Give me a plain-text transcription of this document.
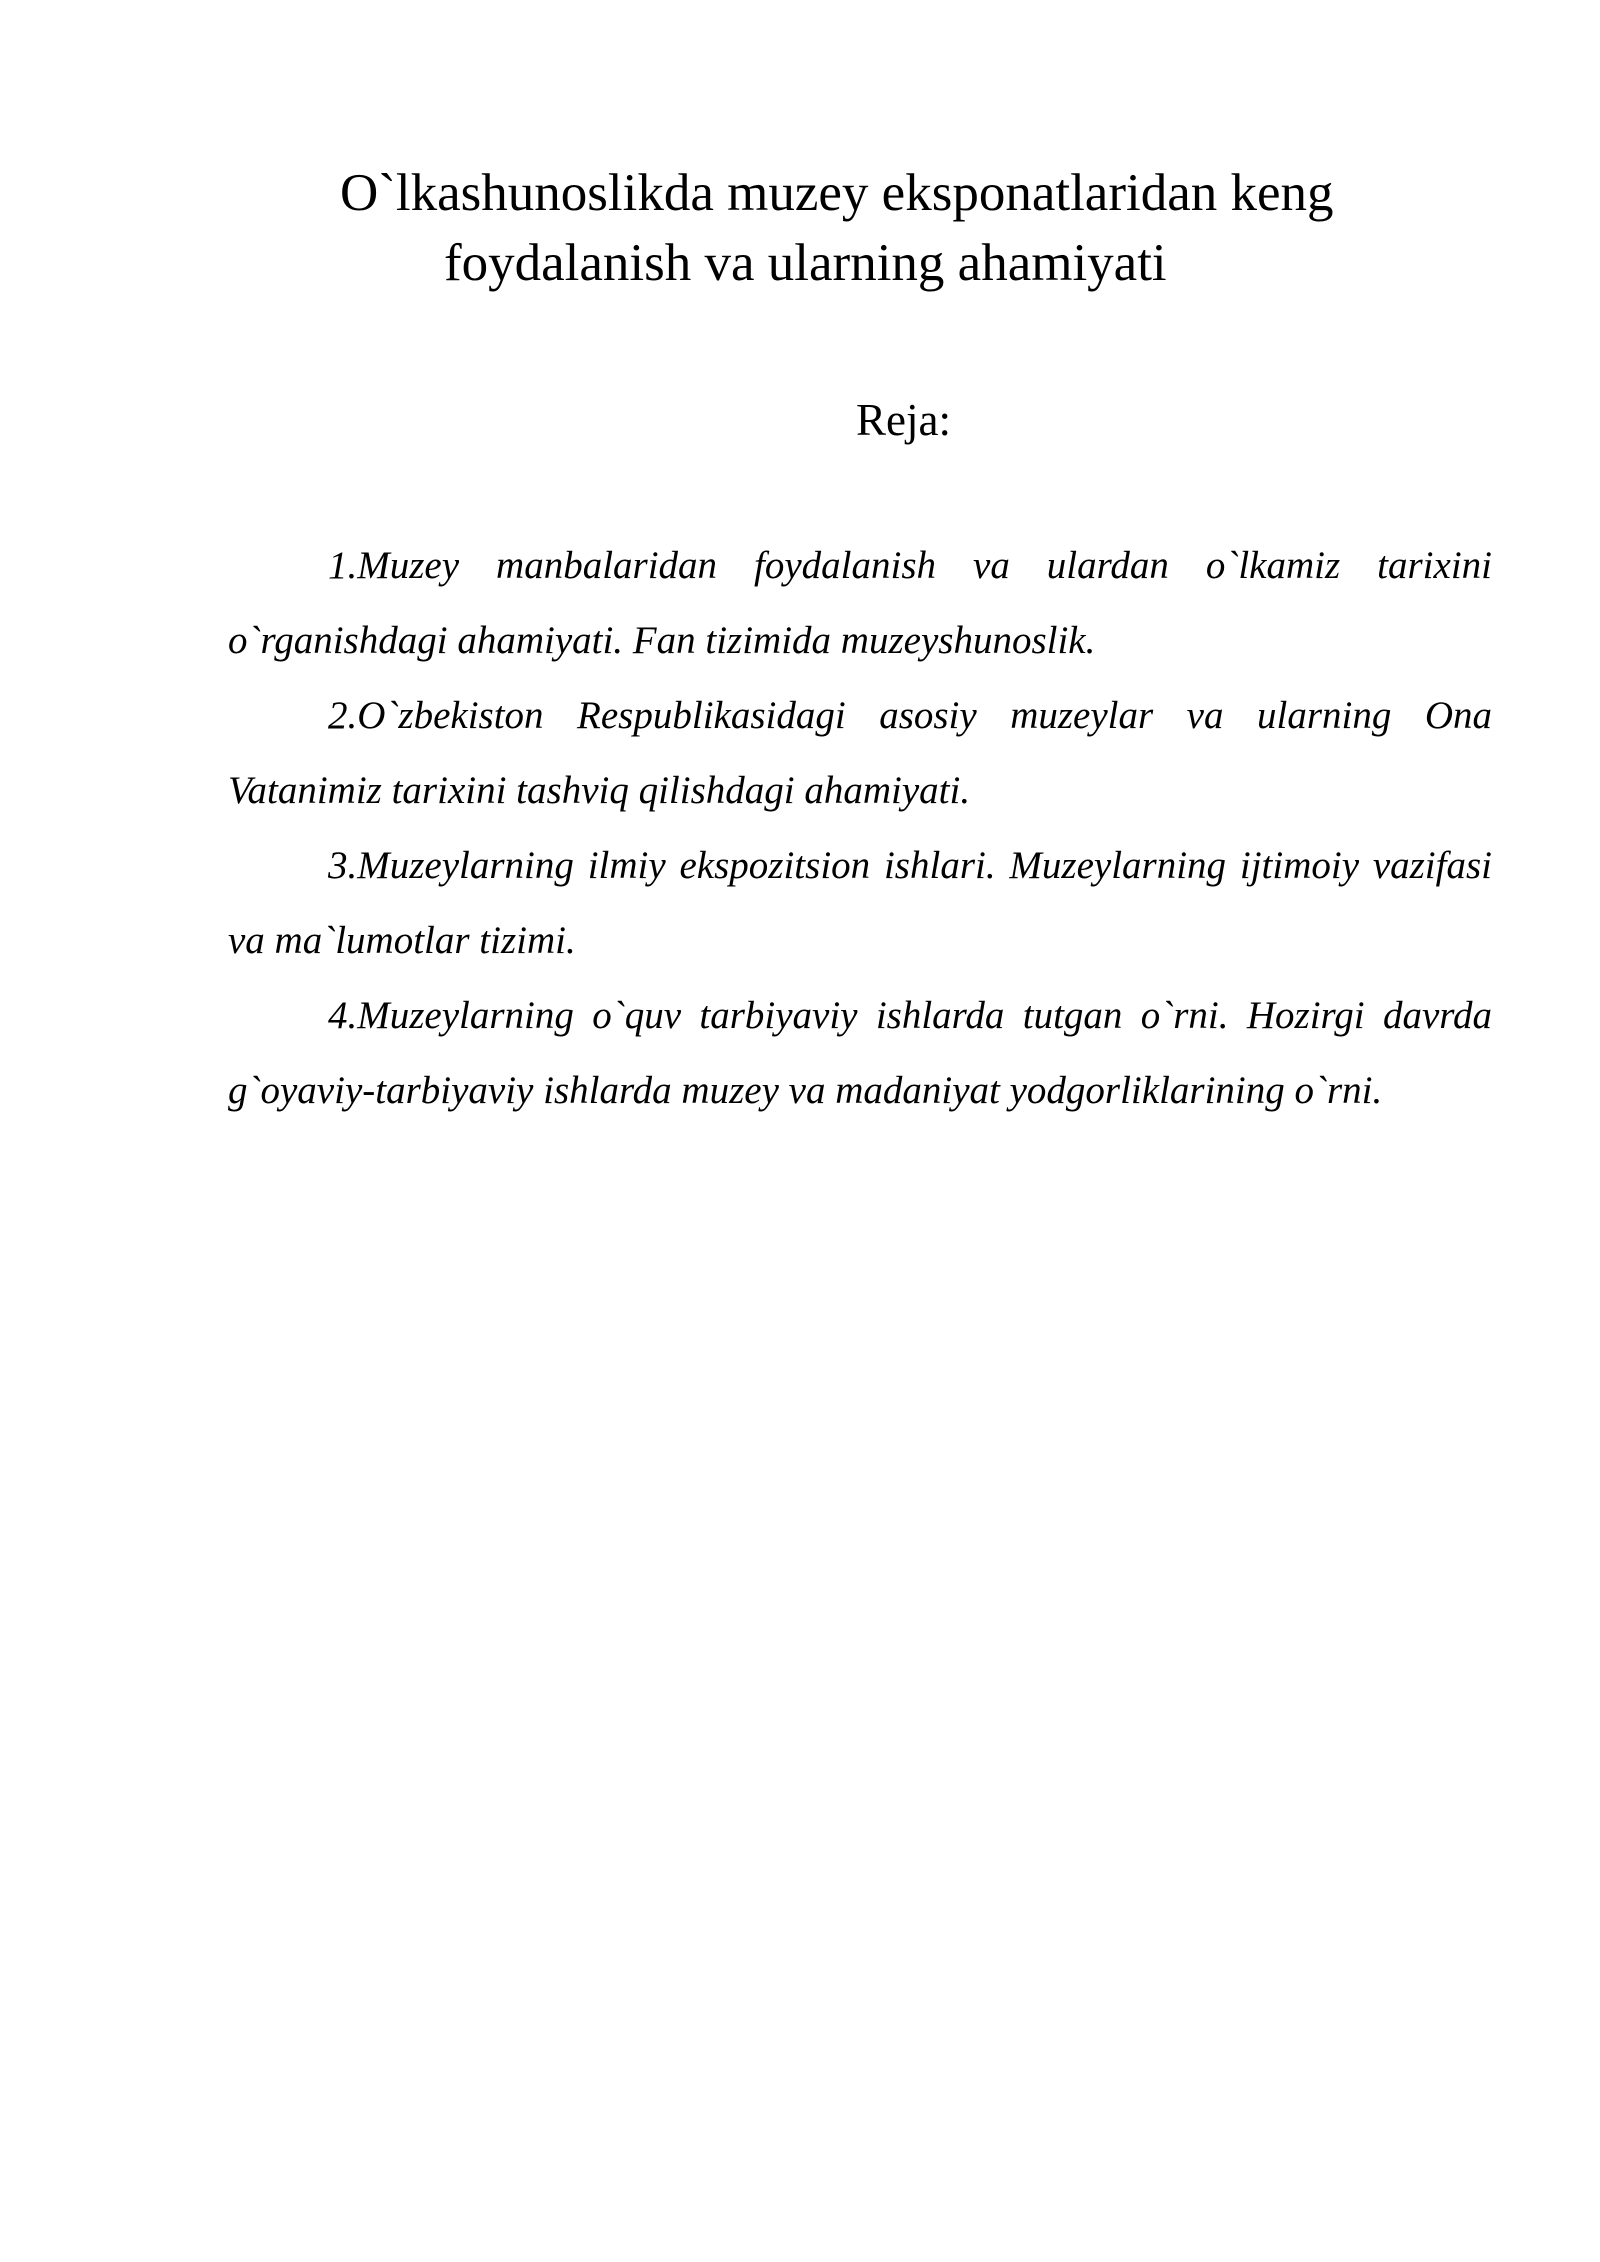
O`lkashunoslikda muzey eksponatlaridan keng
foydalanish va ularning ahamiyati
Reja:
1.Muzey manbalaridan foydalanish va ulardan o`lkamiz tarixini o`rganishdagi ahamiyati. Fan tizimida muzeyshunoslik.
2.O`zbekiston Respublikasidagi asosiy muzeylar va ularning Ona Vatanimiz tarixini tashviq qilishdagi ahamiyati.
3.Muzeylarning ilmiy ekspozitsion ishlari. Muzeylarning ijtimoiy vazifasi va ma`lumotlar tizimi.
4.Muzeylarning o`quv tarbiyaviy ishlarda tutgan o`rni. Hozirgi davrda g`oyaviy-tarbiyaviy ishlarda muzey va madaniyat yodgorliklarining o`rni.
